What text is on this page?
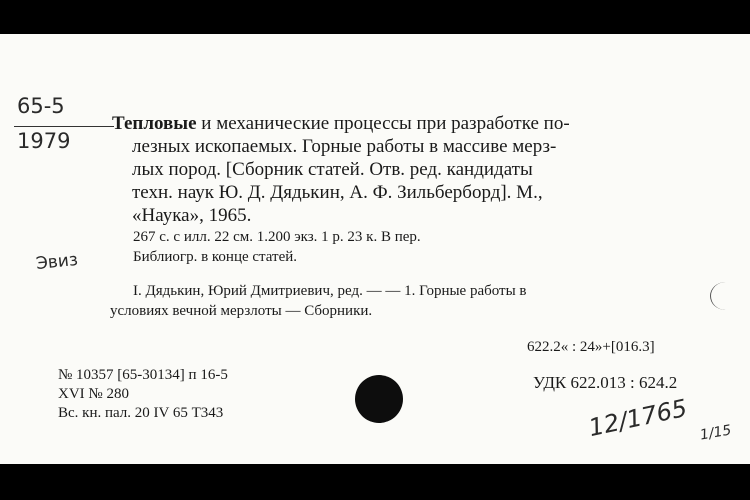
65-5
1979
Эвиз

Тепловые и механические процессы при разработке по-

лезных ископаемых. Горные работы в массиве мерз-

лых пород. [Сборник статей. Отв. ред. кандидаты

техн. наук Ю. Д. Дядькин, А. Ф. Зильберборд]. М.,

«Наука», 1965.

267 с. с илл. 22 см. 1.200 экз. 1 р. 23 к. В пер.
Библиогр. в конце статей.
I. Дядькин, Юрий Дмитриевич, ред. — — 1. Горные работы в
условиях вечной мерзлоты — Сборники.
622.2« : 24»+[016.3]
УДК 622.013 : 624.2
№ 10357 [65-30134] п 16-5
XVI № 280
Вс. кн. пал. 20 IV 65 Т343	12/1765 1/15
